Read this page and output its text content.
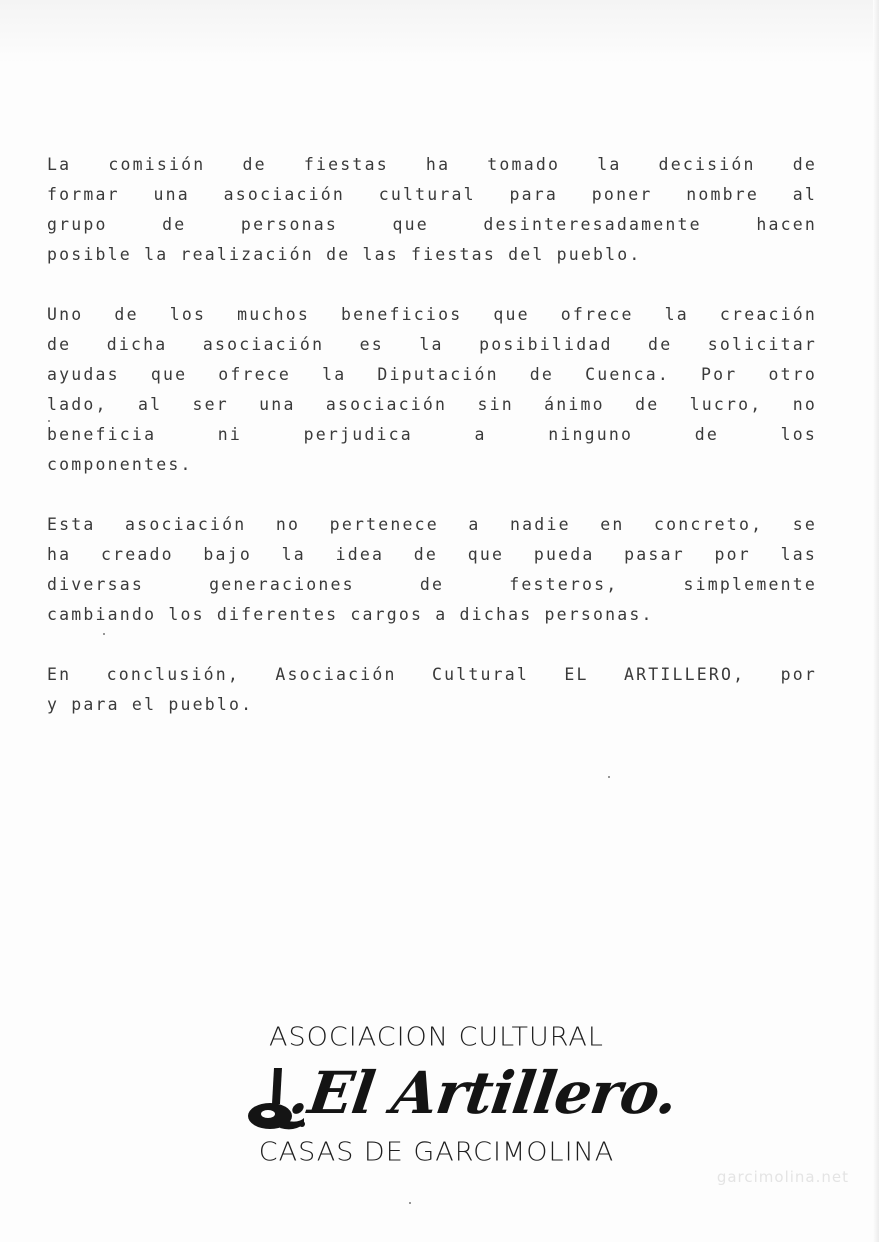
La comisión de fiestas ha tomado la decisión de
formar una asociación cultural para poner nombre al
grupo de personas que desinteresadamente hacen
posible la realización de las fiestas del pueblo.
Uno de los muchos beneficios que ofrece la creación
de dicha asociación es la posibilidad de solicitar
ayudas que ofrece la Diputación de Cuenca. Por otro
lado, al ser una asociación sin ánimo de lucro, no
beneficia ni perjudica a ninguno de los
componentes.
Esta asociación no pertenece a nadie en concreto, se
ha creado bajo la idea de que pueda pasar por las
diversas generaciones de festeros, simplemente
cambiando los diferentes cargos a dichas personas.
En conclusión, Asociación Cultural EL ARTILLERO, por
y para el pueblo.
ASOCIACION CULTURAL
.El Artillero.
CASAS DE GARCIMOLINA
garcimolina.net
